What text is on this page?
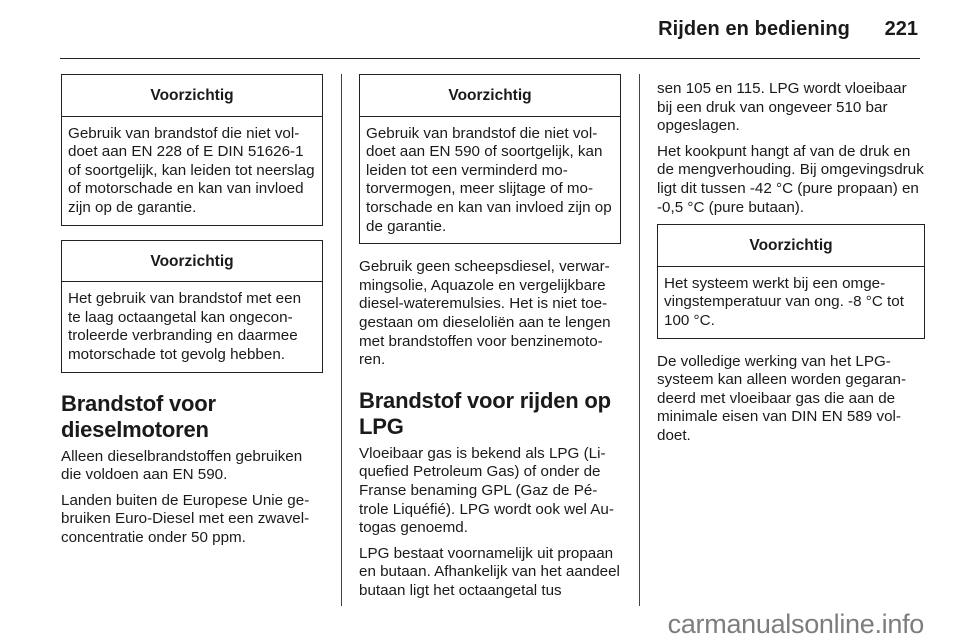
Rijden en bediening 221
Voorzichtig
Gebruik van brandstof die niet voldoet aan EN 228 of E DIN 51626-1 of soortgelijk, kan leiden tot neerslag of motorschade en kan van invloed zijn op de garantie.
Voorzichtig
Het gebruik van brandstof met een te laag octaangetal kan ongecontroleerde verbranding en daarmee motorschade tot gevolg hebben.
Brandstof voor dieselmotoren

Alleen dieselbrandstoffen gebruiken die voldoen aan EN 590.

Landen buiten de Europese Unie gebruiken Euro-Diesel met een zwavelconcentratie onder 50 ppm.

Voorzichtig
Gebruik van brandstof die niet voldoet aan EN 590 of soortgelijk, kan leiden tot een verminderd motorvermogen, meer slijtage of motorschade en kan van invloed zijn op de garantie.

Gebruik geen scheepsdiesel, verwarmingsolie, Aquazole en vergelijkbare diesel-wateremulsies. Het is niet toegestaan om dieseloliën aan te lengen met brandstoffen voor benzinemotoren.

Brandstof voor rijden op LPG

Vloeibaar gas is bekend als LPG (Liquefied Petroleum Gas) of onder de Franse benaming GPL (Gaz de Pétrole Liquéfié). LPG wordt ook wel Autogas genoemd.

LPG bestaat voornamelijk uit propaan en butaan. Afhankelijk van het aandeel butaan ligt het octaangetal tus

sen 105 en 115. LPG wordt vloeibaar bij een druk van ongeveer 510 bar opgeslagen.

Het kookpunt hangt af van de druk en de mengverhouding. Bij omgevingsdruk ligt dit tussen -42 °C (pure propaan) en -0,5 °C (pure butaan).

Voorzichtig
Het systeem werkt bij een omgevingstemperatuur van ong. -8 °C tot 100 °C.

De volledige werking van het LPG-systeem kan alleen worden gegarandeerd met vloeibaar gas die aan de minimale eisen van DIN EN 589 voldoet.

carmanualsonline.info
